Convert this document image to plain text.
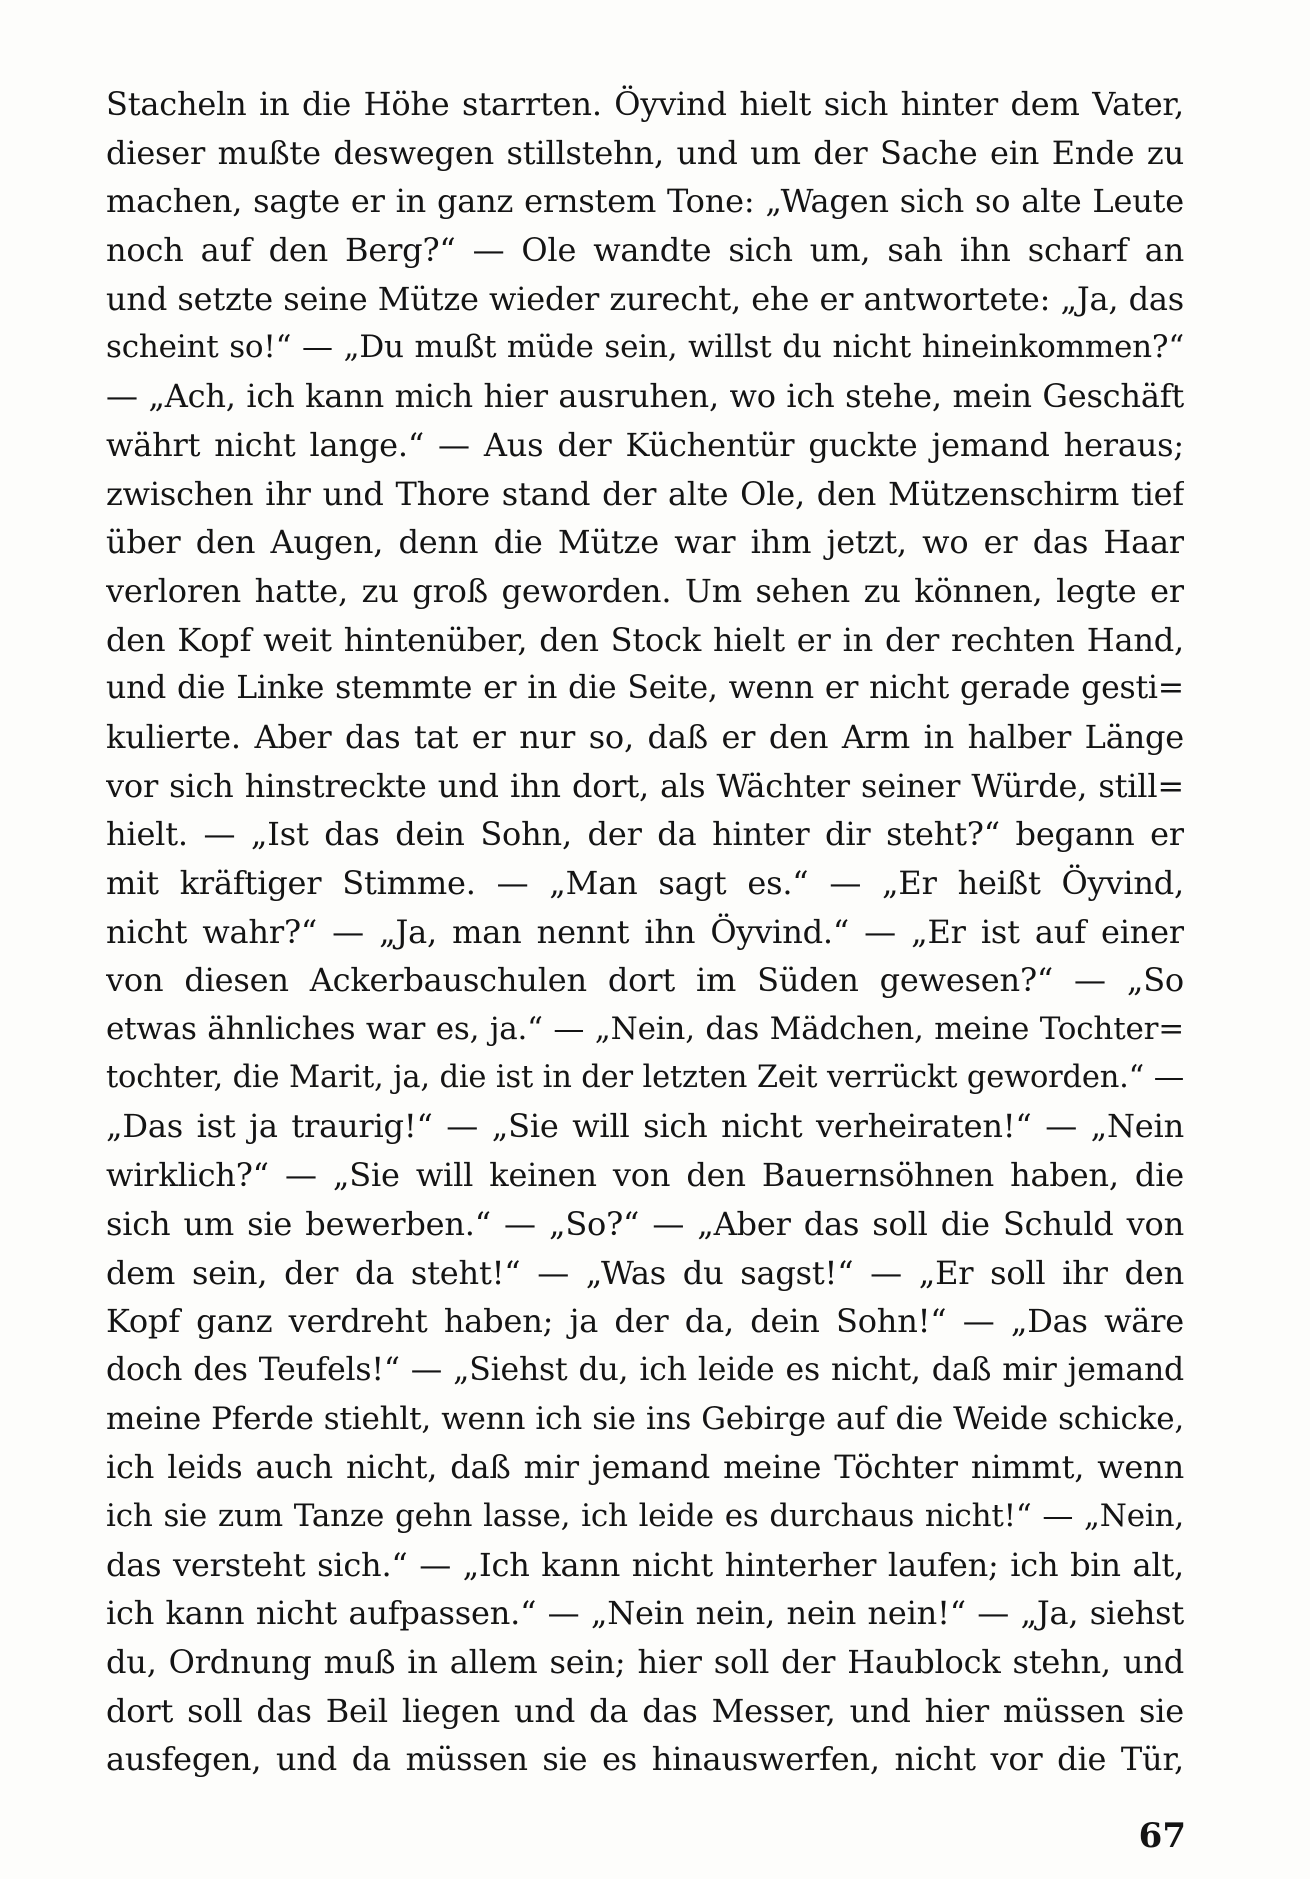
Stacheln in die Höhe starrten. Öyvind hielt sich hinter dem Vater,
dieser mußte deswegen stillstehn, und um der Sache ein Ende zu
machen, sagte er in ganz ernstem Tone: „Wagen sich so alte Leute
noch auf den Berg?“ — Ole wandte sich um, sah ihn scharf an
und setzte seine Mütze wieder zurecht, ehe er antwortete: „Ja, das
scheint so!“ — „Du mußt müde sein, willst du nicht hineinkommen?“
— „Ach, ich kann mich hier ausruhen, wo ich stehe, mein Geschäft
währt nicht lange.“ — Aus der Küchentür guckte jemand heraus;
zwischen ihr und Thore stand der alte Ole, den Mützenschirm tief
über den Augen, denn die Mütze war ihm jetzt, wo er das Haar
verloren hatte, zu groß geworden. Um sehen zu können, legte er
den Kopf weit hintenüber, den Stock hielt er in der rechten Hand,
und die Linke stemmte er in die Seite, wenn er nicht gerade gesti=
kulierte. Aber das tat er nur so, daß er den Arm in halber Länge
vor sich hinstreckte und ihn dort, als Wächter seiner Würde, still=
hielt. — „Ist das dein Sohn, der da hinter dir steht?“ begann er
mit kräftiger Stimme. — „Man sagt es.“ — „Er heißt Öyvind,
nicht wahr?“ — „Ja, man nennt ihn Öyvind.“ — „Er ist auf einer
von diesen Ackerbauschulen dort im Süden gewesen?“ — „So
etwas ähnliches war es, ja.“ — „Nein, das Mädchen, meine Tochter=
tochter, die Marit, ja, die ist in der letzten Zeit verrückt geworden.“ —
„Das ist ja traurig!“ — „Sie will sich nicht verheiraten!“ — „Nein
wirklich?“ — „Sie will keinen von den Bauernsöhnen haben, die
sich um sie bewerben.“ — „So?“ — „Aber das soll die Schuld von
dem sein, der da steht!“ — „Was du sagst!“ — „Er soll ihr den
Kopf ganz verdreht haben; ja der da, dein Sohn!“ — „Das wäre
doch des Teufels!“ — „Siehst du, ich leide es nicht, daß mir jemand
meine Pferde stiehlt, wenn ich sie ins Gebirge auf die Weide schicke,
ich leids auch nicht, daß mir jemand meine Töchter nimmt, wenn
ich sie zum Tanze gehn lasse, ich leide es durchaus nicht!“ — „Nein,
das versteht sich.“ — „Ich kann nicht hinterher laufen; ich bin alt,
ich kann nicht aufpassen.“ — „Nein nein, nein nein!“ — „Ja, siehst
du, Ordnung muß in allem sein; hier soll der Haublock stehn, und
dort soll das Beil liegen und da das Messer, und hier müssen sie
ausfegen, und da müssen sie es hinauswerfen, nicht vor die Tür,
67
